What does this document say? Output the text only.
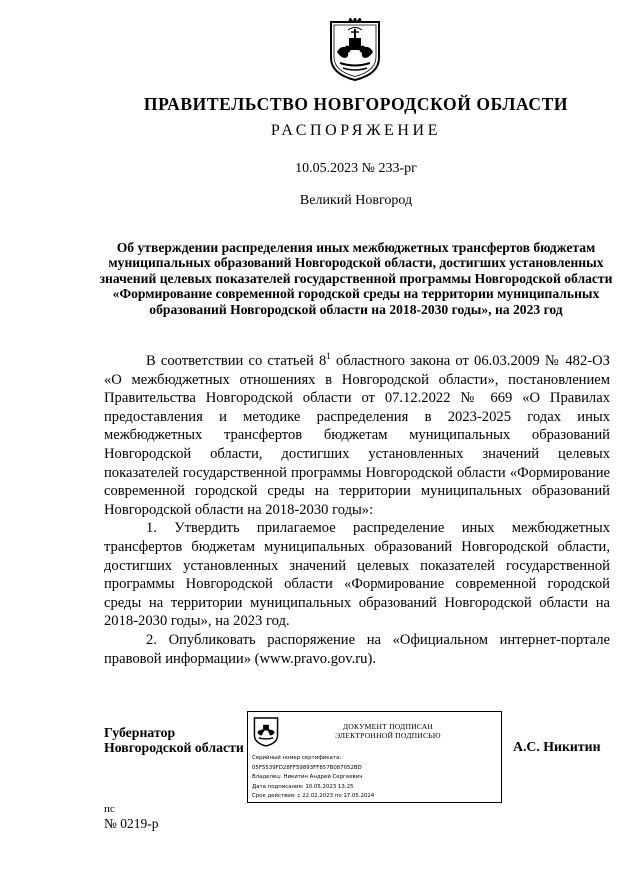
ПРАВИТЕЛЬСТВО НОВГОРОДСКОЙ ОБЛАСТИ
РАСПОРЯЖЕНИЕ
10.05.2023 № 233-рг
Великий Новгород
Об утверждении распределения иных межбюджетных трансфертов бюджетам муниципальных образований Новгородской области, достигших установленных значений целевых показателей государственной программы Новгородской области «Формирование современной городской среды на территории муниципальных образований Новгородской области на 2018-2030 годы», на 2023 год

В соответствии со статьей $8^1$ областного закона от 06.03.2009 № 482-ОЗ «О межбюджетных отношениях в Новгородской области», постановлением Правительства Новгородской области от 07.12.2022 № 669 «О Правилах предоставления и методике распределения в 2023-2025 годах иных межбюджетных трансфертов бюджетам муниципальных образований Новгородской области, достигших установленных значений целевых показателей государственной программы Новгородской области «Формирование современной городской среды на территории муниципальных образований Новгородской области на 2018-2030 годы»:

1. Утвердить прилагаемое распределение иных межбюджетных трансфертов бюджетам муниципальных образований Новгородской области, достигших установленных значений целевых показателей государственной программы Новгородской области «Формирование современной городской среды на территории муниципальных образований Новгородской области на 2018-2030 годы», на 2023 год.

2. Опубликовать распоряжение на «Официальном интернет-портале правовой информации» (www.pravo.gov.ru).

Губернатор
Новгородской области	А.С. Никитин
ДОКУМЕНТ ПОДПИСАН
ЭЛЕКТРОННОЙ ПОДПИСЬЮ
Серийный номер сертификата:
05F5539FD28FF59893FF857B087052BD
Владелец: Никитин Андрей Сергеевич
Дата подписания: 10.05.2023 13:25
Срок действия: с 22.02.2023 по 17.05.2024
пс
№ 0219-р
